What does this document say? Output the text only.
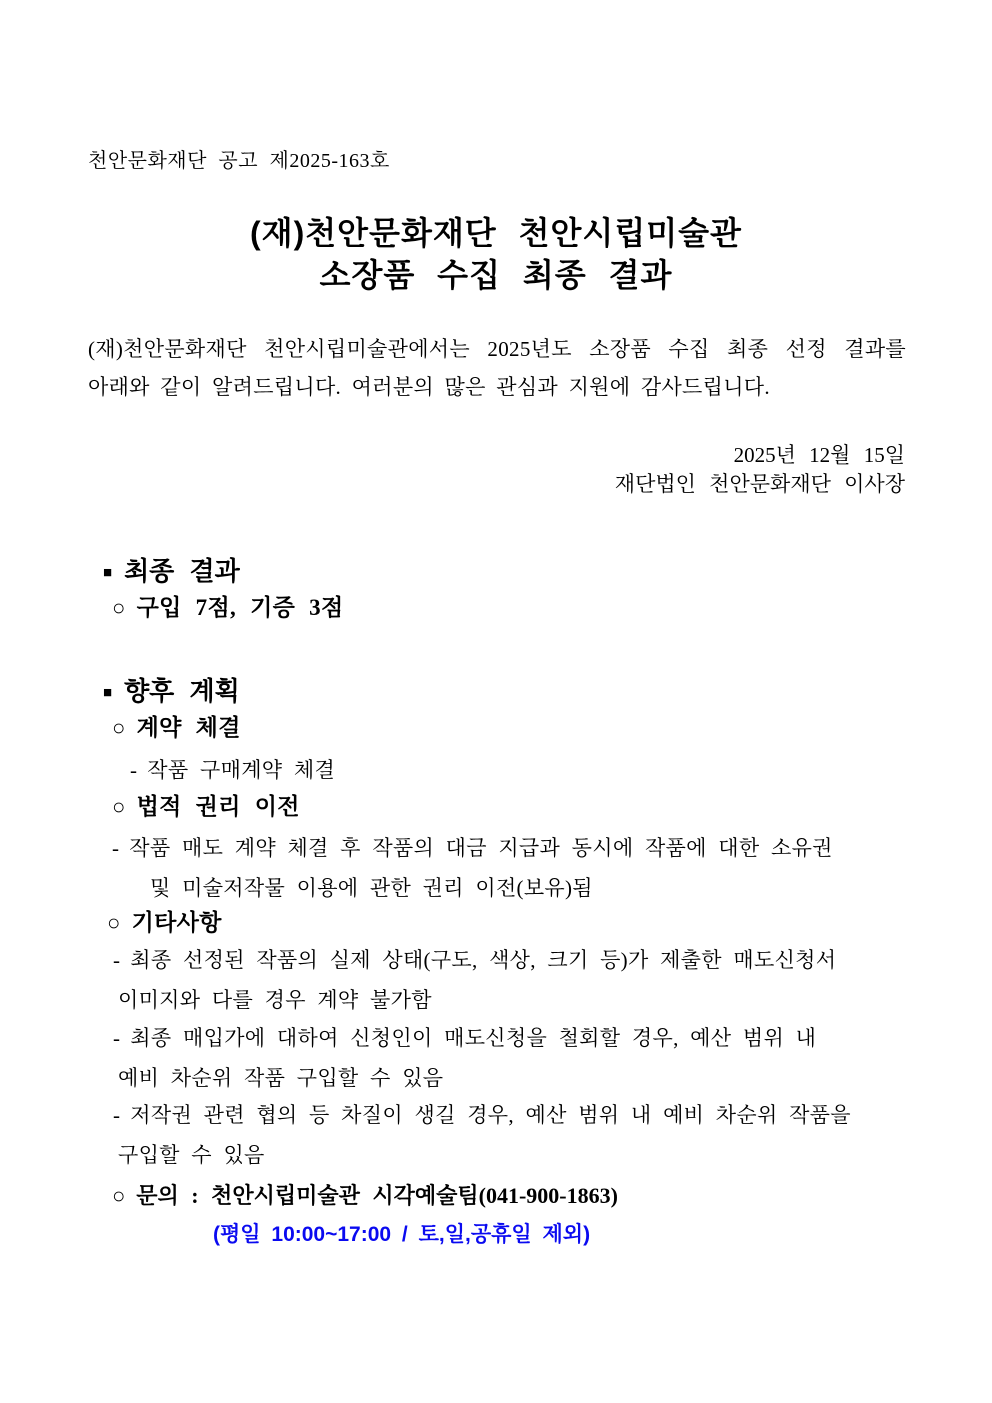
천안문화재단 공고 제2025-163호
(재)천안문화재단 천안시립미술관
소장품 수집 최종 결과
(재)천안문화재단 천안시립미술관에서는 2025년도 소장품 수집 최종 선정 결과를
아래와 같이 알려드립니다. 여러분의 많은 관심과 지원에 감사드립니다.
2025년 12월 15일
재단법인 천안문화재단 이사장
■ 최종 결과
○ 구입 7점, 기증 3점
■ 향후 계획
○ 계약 체결
- 작품 구매계약 체결
○ 법적 권리 이전
- 작품 매도 계약 체결 후 작품의 대금 지급과 동시에 작품에 대한 소유권
및 미술저작물 이용에 관한 권리 이전(보유)됨
○ 기타사항
- 최종 선정된 작품의 실제 상태(구도, 색상, 크기 등)가 제출한 매도신청서
이미지와 다를 경우 계약 불가함
- 최종 매입가에 대하여 신청인이 매도신청을 철회할 경우, 예산 범위 내
예비 차순위 작품 구입할 수 있음
- 저작권 관련 협의 등 차질이 생길 경우, 예산 범위 내 예비 차순위 작품을
구입할 수 있음
○ 문의 : 천안시립미술관 시각예술팀(041-900-1863)
(평일 10:00~17:00 / 토,일,공휴일 제외)
